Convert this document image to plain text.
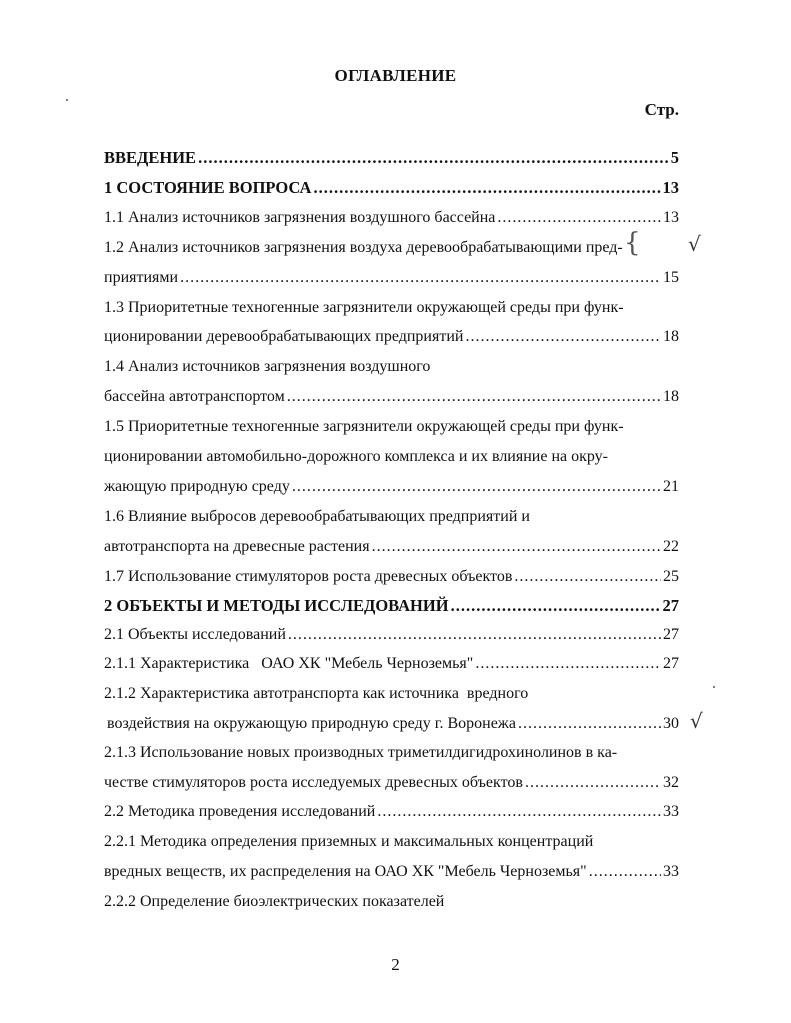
ОГЛАВЛЕНИЕ
Стр.
ВВЕДЕНИЕ .....	5
1 СОСТОЯНИЕ ВОПРОСА .....	13
1.1 Анализ источников загрязнения воздушного бассейна .....	13
1.2 Анализ источников загрязнения воздуха деревообрабатывающими пред-
приятиями .....	15
1.3 Приоритетные техногенные загрязнители окружающей среды при функ-
ционировании деревообрабатывающих предприятий .....	18
1.4 Анализ источников загрязнения воздушного
бассейна автотранспортом .....	18
1.5 Приоритетные техногенные загрязнители окружающей среды при функ-
ционировании автомобильно-дорожного комплекса и их влияние на окру-
жающую природную среду .....	21
1.6 Влияние выбросов деревообрабатывающих предприятий и
автотранспорта на древесные растения .....	22
1.7 Использование стимуляторов роста древесных объектов .....	25
2 ОБЪЕКТЫ И МЕТОДЫ ИССЛЕДОВАНИЙ .....	27
2.1 Объекты исследований .....	27
2.1.1 Характеристика   ОАО ХК "Мебель Черноземья" .....	27
2.1.2 Характеристика автотранспорта как источника  вредного
воздействия на окружающую природную среду г. Воронежа .....	30
2.1.3 Использование новых производных триметилдигидрохинолинов в ка-
честве стимуляторов роста исследуемых древесных объектов .....	32
2.2 Методика проведения исследований .....	33
2.2.1 Методика определения приземных и максимальных концентраций
вредных веществ, их распределения на ОАО ХК "Мебель Черноземья" .....	33
2.2.2 Определение биоэлектрических показателей
2
√
√
{
